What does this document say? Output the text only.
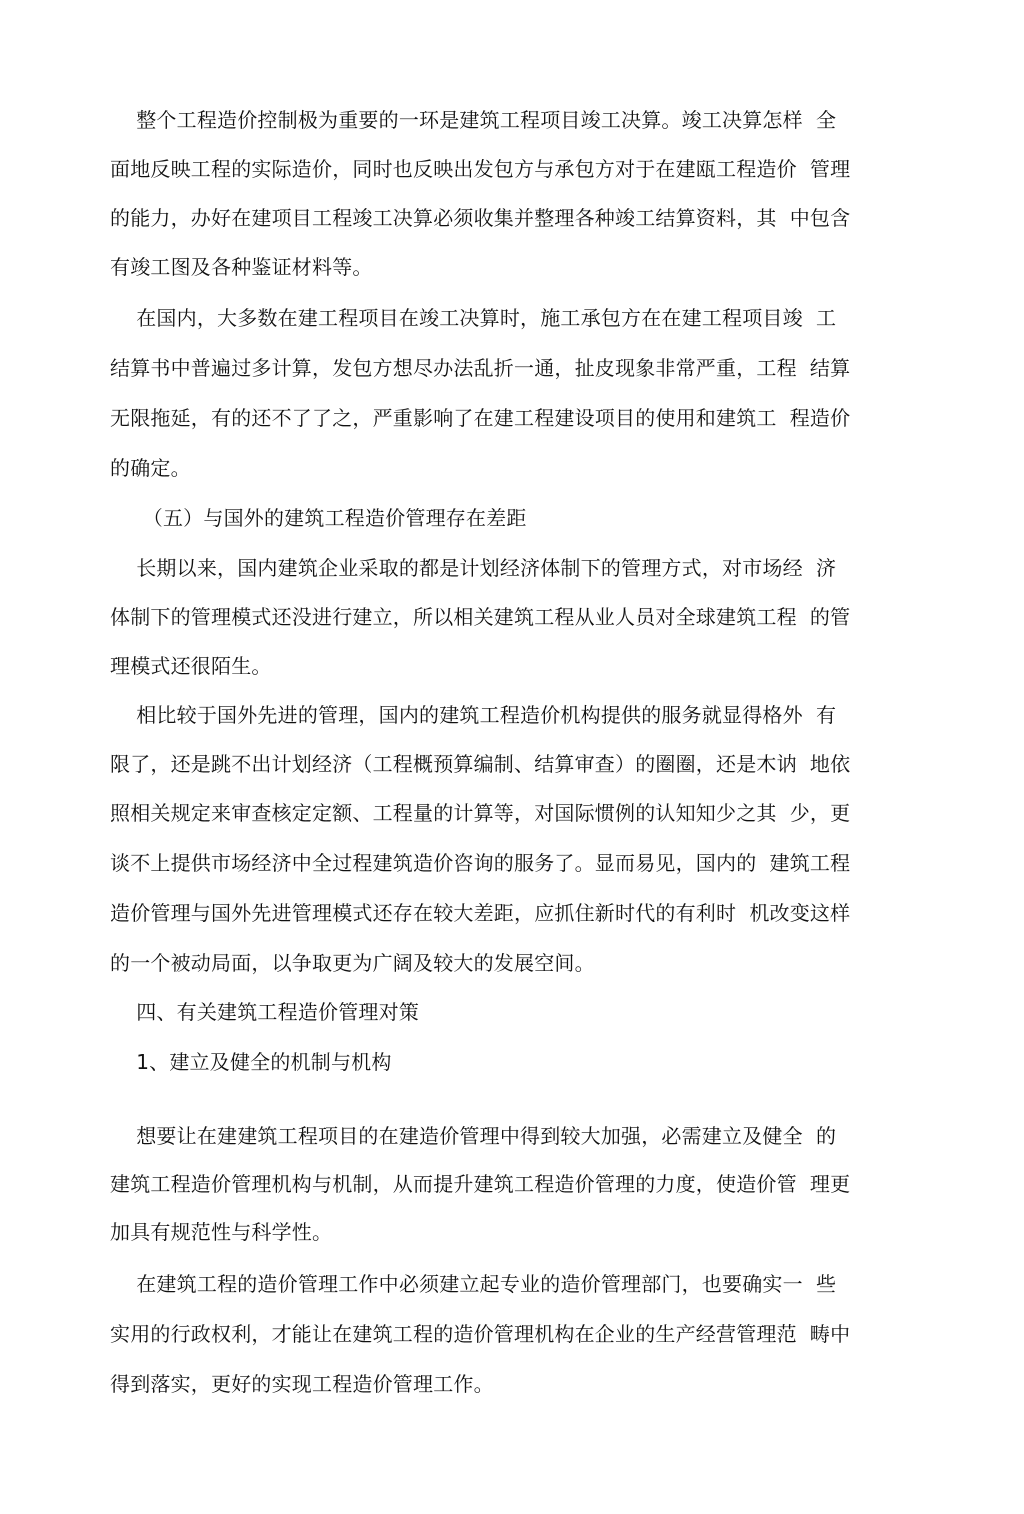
整个工程造价控制极为重要的一环是建筑工程项目竣工决算。竣工决算怎样  全
面地反映工程的实际造价，同时也反映出发包方与承包方对于在建瓯工程造价  管理
的能力，办好在建项目工程竣工决算必须收集并整理各种竣工结算资料，其  中包含
有竣工图及各种鉴证材料等。
在国内，大多数在建工程项目在竣工决算时，施工承包方在在建工程项目竣  工
结算书中普遍过多计算，发包方想尽办法乱折一通，扯皮现象非常严重，工程  结算
无限拖延，有的还不了了之，严重影响了在建工程建设项目的使用和建筑工  程造价
的确定。
（五）与国外的建筑工程造价管理存在差距
长期以来，国内建筑企业采取的都是计划经济体制下的管理方式，对市场经  济
体制下的管理模式还没进行建立，所以相关建筑工程从业人员对全球建筑工程  的管
理模式还很陌生。
相比较于国外先进的管理，国内的建筑工程造价机构提供的服务就显得格外  有
限了，还是跳不出计划经济（工程概预算编制、结算审查）的圈圈，还是木讷  地依
照相关规定来审查核定定额、工程量的计算等，对国际惯例的认知知少之其  少，更
谈不上提供市场经济中全过程建筑造价咨询的服务了。显而易见，国内的  建筑工程
造价管理与国外先进管理模式还存在较大差距，应抓住新时代的有利时  机改变这样
的一个被动局面，以争取更为广阔及较大的发展空间。
四、有关建筑工程造价管理对策
1、建立及健全的机制与机构
想要让在建建筑工程项目的在建造价管理中得到较大加强，必需建立及健全  的
建筑工程造价管理机构与机制，从而提升建筑工程造价管理的力度，使造价管  理更
加具有规范性与科学性。
在建筑工程的造价管理工作中必须建立起专业的造价管理部门，也要确实一  些
实用的行政权利，才能让在建筑工程的造价管理机构在企业的生产经营管理范  畴中
得到落实，更好的实现工程造价管理工作。
